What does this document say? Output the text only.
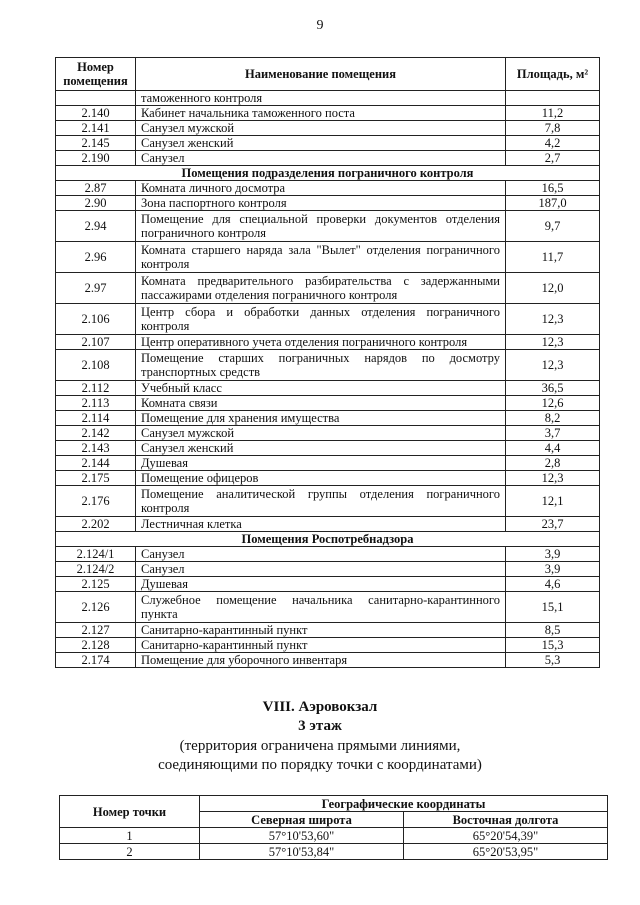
9
Номер помещения	Наименование помещения	Площадь, м²
	таможенного контроля	
2.140	Кабинет начальника таможенного поста	11,2
2.141	Санузел мужской	7,8
2.145	Санузел женский	4,2
2.190	Санузел	2,7
Помещения подразделения пограничного контроля		
2.87	Комната личного досмотра	16,5
2.90	Зона паспортного контроля	187,0
2.94	Помещение для специальной проверки документов отделения пограничного контроля	9,7
2.96	Комната старшего наряда зала "Вылет" отделения пограничного контроля	11,7
2.97	Комната предварительного разбирательства с задержанными пассажирами отделения пограничного контроля	12,0
2.106	Центр сбора и обработки данных отделения пограничного контроля	12,3
2.107	Центр оперативного учета отделения пограничного контроля	12,3
2.108	Помещение старших пограничных нарядов по досмотру транспортных средств	12,3
2.112	Учебный класс	36,5
2.113	Комната связи	12,6
2.114	Помещение для хранения имущества	8,2
2.142	Санузел мужской	3,7
2.143	Санузел женский	4,4
2.144	Душевая	2,8
2.175	Помещение офицеров	12,3
2.176	Помещение аналитической группы отделения пограничного контроля	12,1
2.202	Лестничная клетка	23,7
Помещения Роспотребнадзора		
2.124/1	Санузел	3,9
2.124/2	Санузел	3,9
2.125	Душевая	4,6
2.126	Служебное помещение начальника санитарно-карантинного пункта	15,1
2.127	Санитарно-карантинный пункт	8,5
2.128	Санитарно-карантинный пункт	15,3
2.174	Помещение для уборочного инвентаря	5,3
VIII. Аэровокзал
3 этаж
(территория ограничена прямыми линиями,
соединяющими по порядку точки с координатами)
Номер точки	Географические координаты	
	Северная широта	Восточная долгота
1	57°10'53,60"	65°20'54,39"
2	57°10'53,84"	65°20'53,95"
